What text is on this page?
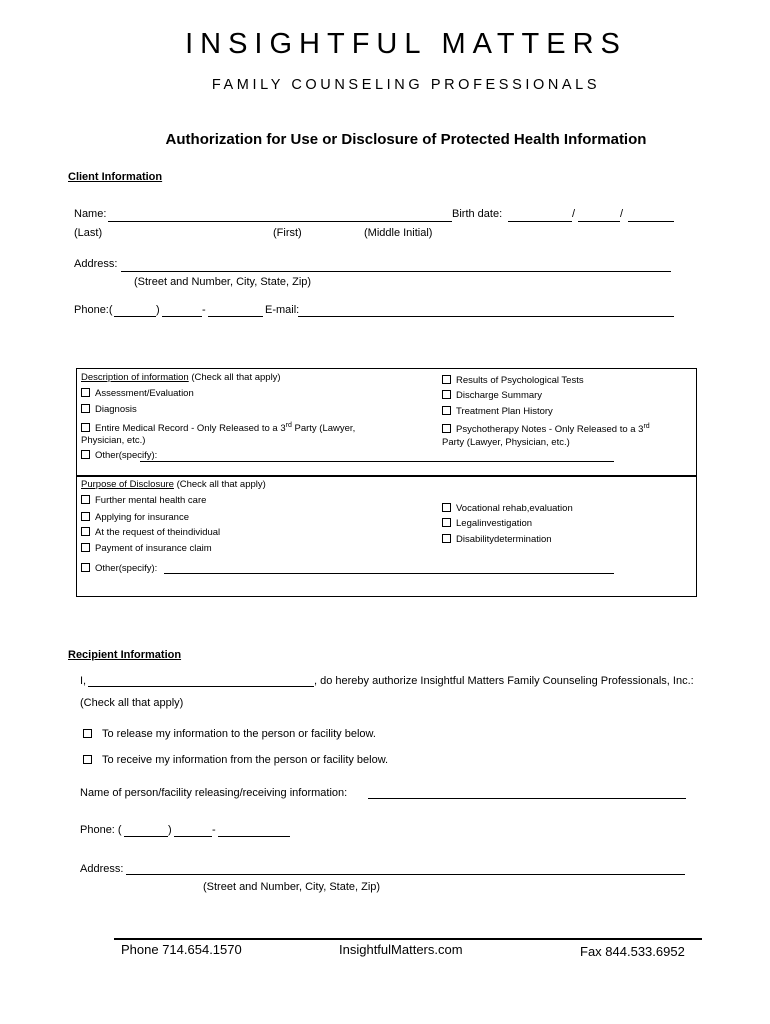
INSIGHTFUL MATTERS
FAMILY COUNSELING PROFESSIONALS
Authorization for Use or Disclosure of Protected Health Information
Client Information
Name:	Birth date:	/	/
(Last)	(First)	(Middle Initial)
Address:
(Street and Number, City, State, Zip)
Phone:(	)	-	E-mail:
Description of information (Check all that apply)
Assessment/Evaluation
Diagnosis
Entire Medical Record - Only Released to a 3rd Party (Lawyer,
Physician, etc.)
Other(specify):
Results of Psychological Tests
Discharge Summary
Treatment Plan History
Psychotherapy Notes - Only Released to a 3rd
Party (Lawyer, Physician, etc.)
Purpose of Disclosure (Check all that apply)
Further mental health care
Applying for insurance
At the request of theindividual
Payment of insurance claim
Vocational rehab,evaluation
Legalinvestigation
Disabilitydetermination
Other(specify):
Recipient Information
I,	, do hereby authorize Insightful Matters Family Counseling Professionals, Inc.:
(Check all that apply)
To release my information to the person or facility below.
To receive my information from the person or facility below.
Name of person/facility releasing/receiving information:
Phone: (	)	-
Address:
(Street and Number, City, State, Zip)
Phone 714.654.1570	InsightfulMatters.com	Fax 844.533.6952
